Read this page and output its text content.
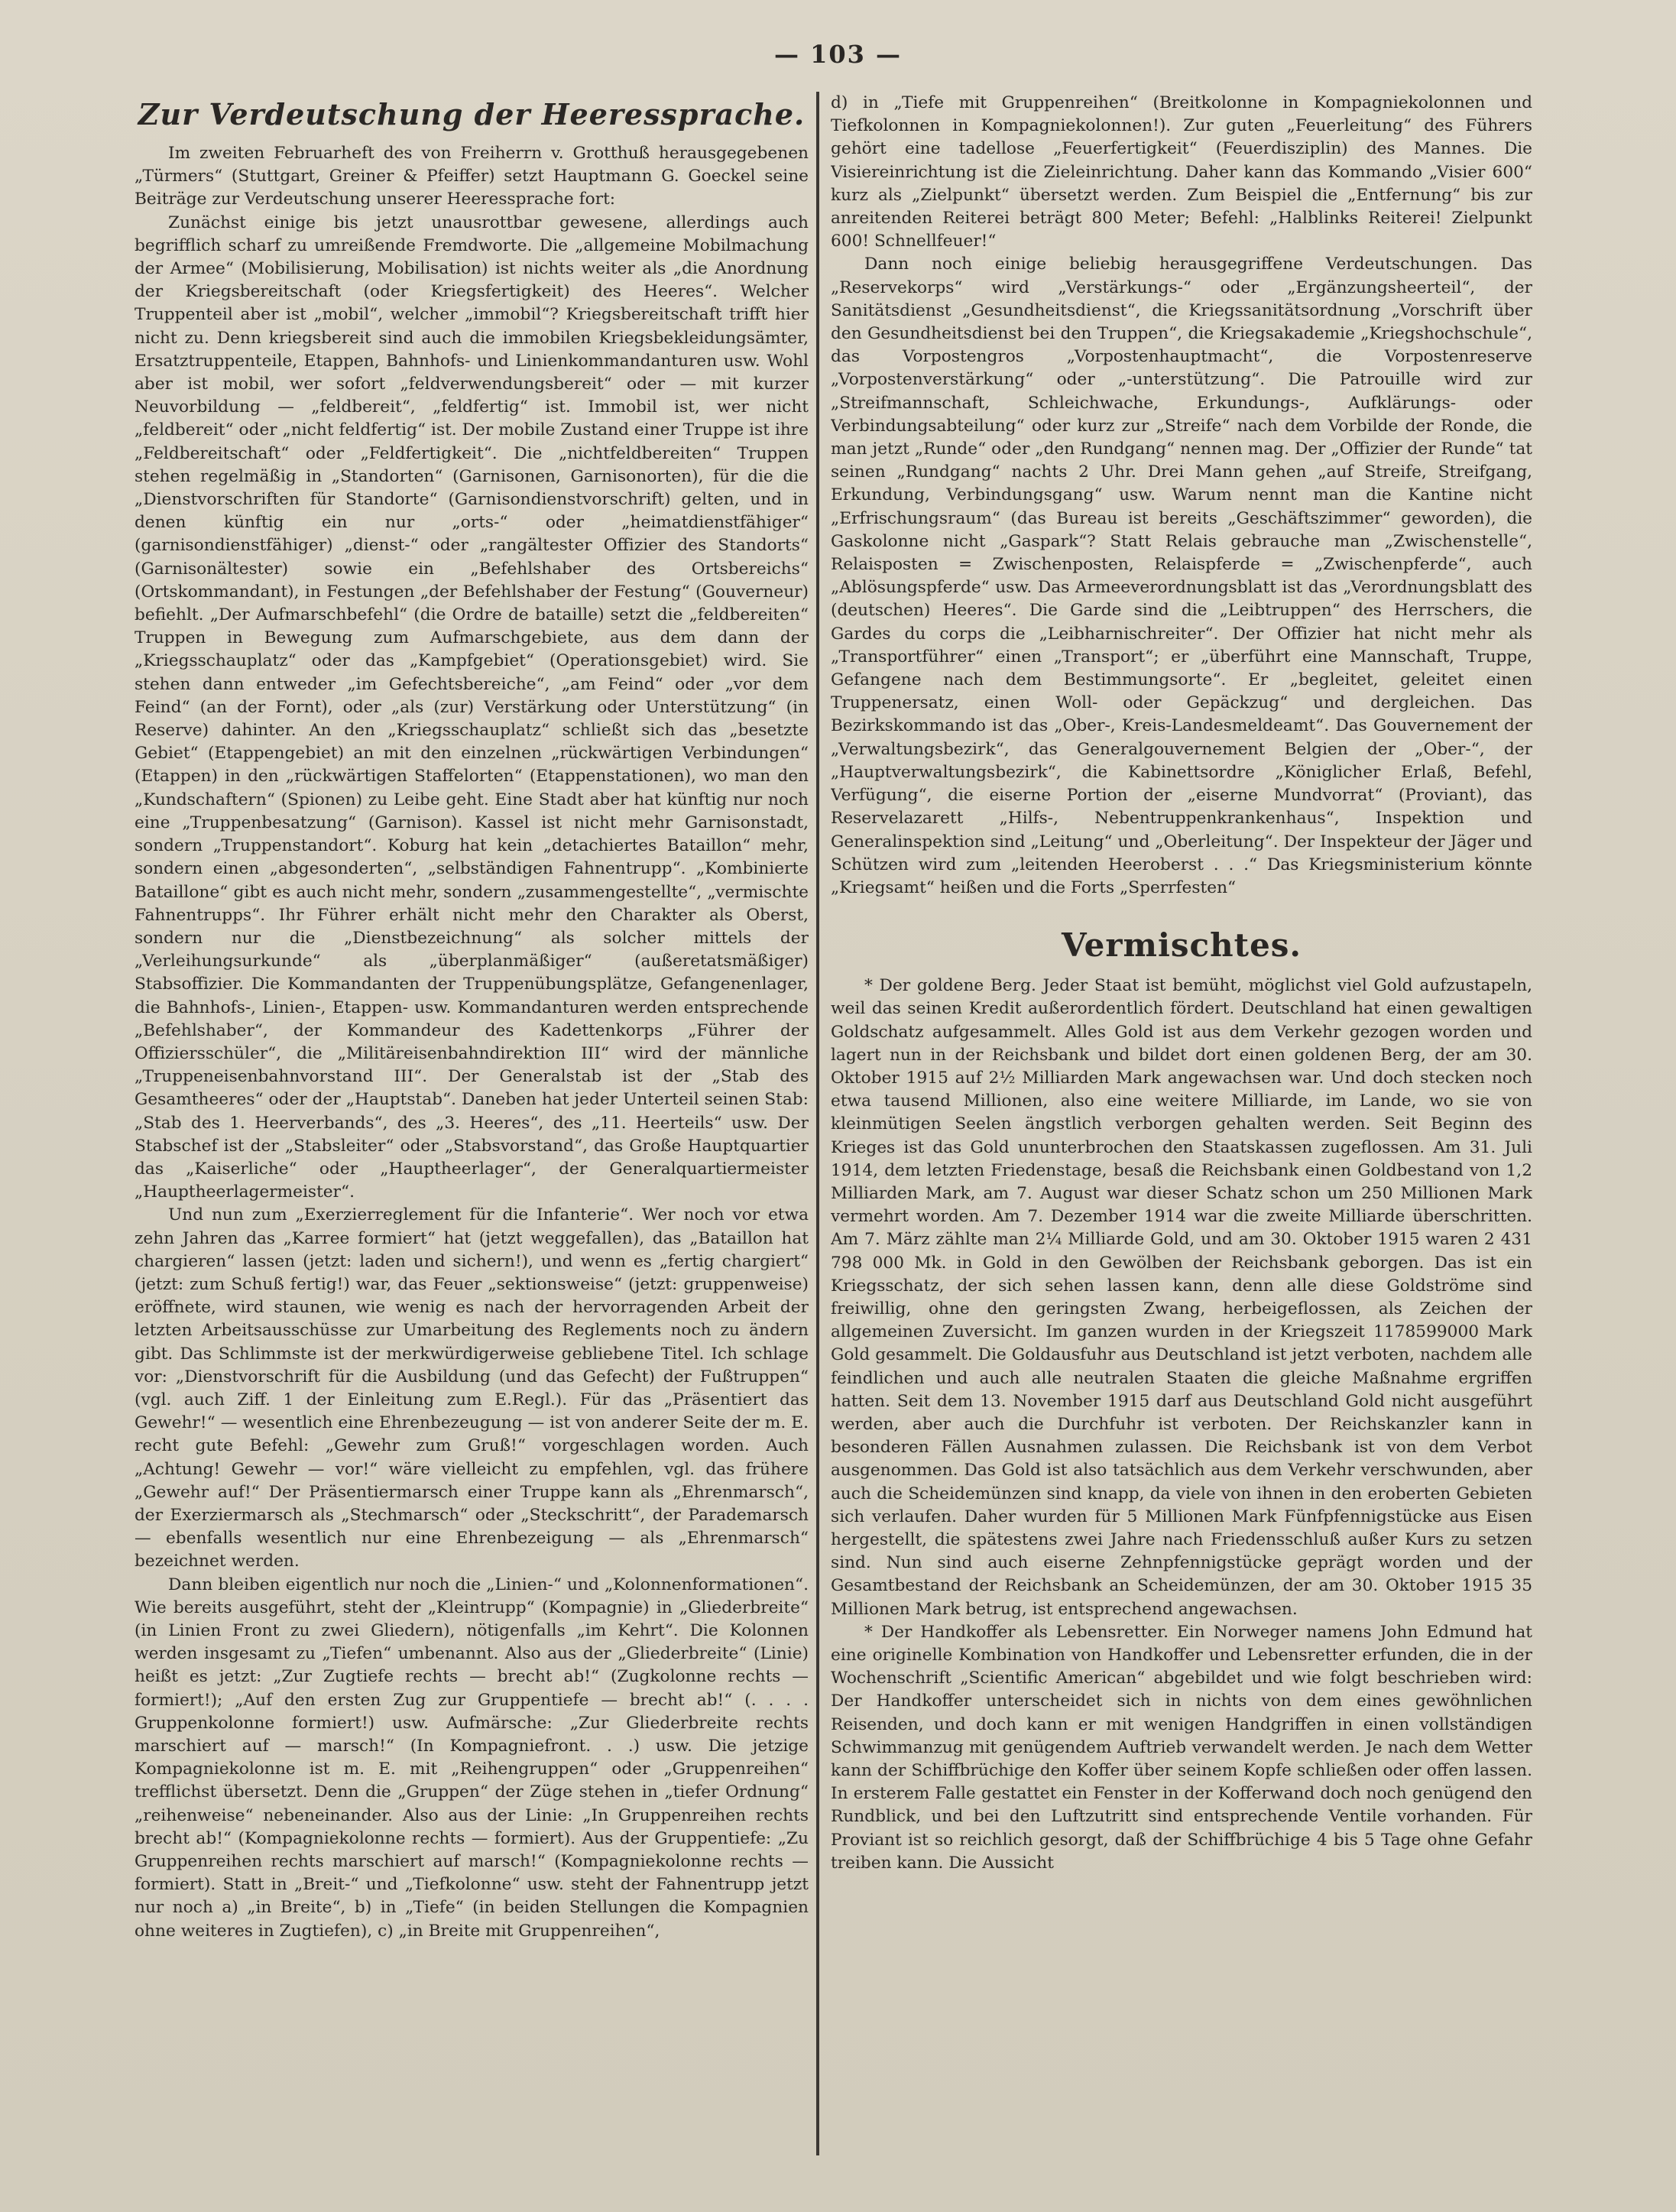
— 103 —
Zur Verdeutschung der Heeressprache.

Im zweiten Februarheft des von Freiherrn v. Grotthuß herausgegebenen „Türmers“ (Stuttgart, Greiner & Pfeiffer) setzt Hauptmann G. Goeckel seine Beiträge zur Verdeutschung unserer Heeressprache fort:

Zunächst einige bis jetzt unausrottbar gewesene, allerdings auch begrifflich scharf zu umreißende Fremdworte. Die „allgemeine Mobilmachung der Armee“ (Mobilisierung, Mobilisation) ist nichts weiter als „die Anordnung der Kriegsbereitschaft (oder Kriegsfertigkeit) des Heeres“. Welcher Truppenteil aber ist „mobil“, welcher „immobil“? Kriegsbereitschaft trifft hier nicht zu. Denn kriegsbereit sind auch die immobilen Kriegsbekleidungsämter, Ersatztruppenteile, Etappen, Bahnhofs- und Linienkommandanturen usw. Wohl aber ist mobil, wer sofort „feldverwendungsbereit“ oder — mit kurzer Neuvorbildung — „feldbereit“, „feldfertig“ ist. Immobil ist, wer nicht „feldbereit“ oder „nicht feldfertig“ ist. Der mobile Zustand einer Truppe ist ihre „Feldbereitschaft“ oder „Feldfertigkeit“. Die „nichtfeldbereiten“ Truppen stehen regelmäßig in „Standorten“ (Garnisonen, Garnisonorten), für die die „Dienstvorschriften für Standorte“ (Garnisondienstvorschrift) gelten, und in denen künftig ein nur „orts-“ oder „heimatdienstfähiger“ (garnisondienstfähiger) „dienst-“ oder „rangältester Offizier des Standorts“ (Garnisonältester) sowie ein „Befehlshaber des Ortsbereichs“ (Ortskommandant), in Festungen „der Befehlshaber der Festung“ (Gouverneur) befiehlt. „Der Aufmarschbefehl“ (die Ordre de bataille) setzt die „feldbereiten“ Truppen in Bewegung zum Aufmarschgebiete, aus dem dann der „Kriegsschauplatz“ oder das „Kampfgebiet“ (Operationsgebiet) wird. Sie stehen dann entweder „im Gefechtsbereiche“, „am Feind“ oder „vor dem Feind“ (an der Fornt), oder „als (zur) Verstärkung oder Unterstützung“ (in Reserve) dahinter. An den „Kriegsschauplatz“ schließt sich das „besetzte Gebiet“ (Etappengebiet) an mit den einzelnen „rückwärtigen Verbindungen“ (Etappen) in den „rückwärtigen Staffelorten“ (Etappenstationen), wo man den „Kundschaftern“ (Spionen) zu Leibe geht. Eine Stadt aber hat künftig nur noch eine „Truppenbesatzung“ (Garnison). Kassel ist nicht mehr Garnisonstadt, sondern „Truppenstandort“. Koburg hat kein „detachiertes Bataillon“ mehr, sondern einen „abgesonderten“, „selbständigen Fahnentrupp“. „Kombinierte Bataillone“ gibt es auch nicht mehr, sondern „zusammengestellte“, „vermischte Fahnentrupps“. Ihr Führer erhält nicht mehr den Charakter als Oberst, sondern nur die „Dienstbezeichnung“ als solcher mittels der „Verleihungsurkunde“ als „überplanmäßiger“ (außeretatsmäßiger) Stabsoffizier. Die Kommandanten der Truppenübungsplätze, Gefangenenlager, die Bahnhofs-, Linien-, Etappen- usw. Kommandanturen werden entsprechende „Befehlshaber“, der Kommandeur des Kadettenkorps „Führer der Offiziersschüler“, die „Militäreisenbahndirektion III“ wird der männliche „Truppeneisenbahnvorstand III“. Der Generalstab ist der „Stab des Gesamtheeres“ oder der „Hauptstab“. Daneben hat jeder Unterteil seinen Stab: „Stab des 1. Heerverbands“, des „3. Heeres“, des „11. Heerteils“ usw. Der Stabschef ist der „Stabsleiter“ oder „Stabsvorstand“, das Große Hauptquartier das „Kaiserliche“ oder „Hauptheerlager“, der Generalquartiermeister „Hauptheerlagermeister“.

Und nun zum „Exerzierreglement für die Infanterie“. Wer noch vor etwa zehn Jahren das „Karree formiert“ hat (jetzt weggefallen), das „Bataillon hat chargieren“ lassen (jetzt: laden und sichern!), und wenn es „fertig chargiert“ (jetzt: zum Schuß fertig!) war, das Feuer „sektionsweise“ (jetzt: gruppenweise) eröffnete, wird staunen, wie wenig es nach der hervorragenden Arbeit der letzten Arbeitsausschüsse zur Umarbeitung des Reglements noch zu ändern gibt. Das Schlimmste ist der merkwürdigerweise gebliebene Titel. Ich schlage vor: „Dienstvorschrift für die Ausbildung (und das Gefecht) der Fußtruppen“ (vgl. auch Ziff. 1 der Einleitung zum E.Regl.). Für das „Präsentiert das Gewehr!“ — wesentlich eine Ehrenbezeugung — ist von anderer Seite der m. E. recht gute Befehl: „Gewehr zum Gruß!“ vorgeschlagen worden. Auch „Achtung! Gewehr — vor!“ wäre vielleicht zu empfehlen, vgl. das frühere „Gewehr auf!“ Der Präsentiermarsch einer Truppe kann als „Ehrenmarsch“, der Exerziermarsch als „Stechmarsch“ oder „Steckschritt“, der Parademarsch — ebenfalls wesentlich nur eine Ehrenbezeigung — als „Ehrenmarsch“ bezeichnet werden.

Dann bleiben eigentlich nur noch die „Linien-“ und „Kolonnenformationen“. Wie bereits ausgeführt, steht der „Kleintrupp“ (Kompagnie) in „Gliederbreite“ (in Linien Front zu zwei Gliedern), nötigenfalls „im Kehrt“. Die Kolonnen werden insgesamt zu „Tiefen“ umbenannt. Also aus der „Gliederbreite“ (Linie) heißt es jetzt: „Zur Zugtiefe rechts — brecht ab!“ (Zugkolonne rechts — formiert!); „Auf den ersten Zug zur Gruppentiefe — brecht ab!“ (. . . . Gruppenkolonne formiert!) usw. Aufmärsche: „Zur Gliederbreite rechts marschiert auf — marsch!“ (In Kompagniefront. . .) usw. Die jetzige Kompagniekolonne ist m. E. mit „Reihengruppen“ oder „Gruppenreihen“ trefflichst übersetzt. Denn die „Gruppen“ der Züge stehen in „tiefer Ordnung“ „reihenweise“ nebeneinander. Also aus der Linie: „In Gruppenreihen rechts brecht ab!“ (Kompagniekolonne rechts — formiert). Aus der Gruppentiefe: „Zu Gruppenreihen rechts marschiert auf marsch!“ (Kompagniekolonne rechts — formiert). Statt in „Breit-“ und „Tiefkolonne“ usw. steht der Fahnentrupp jetzt nur noch a) „in Breite“, b) in „Tiefe“ (in beiden Stellungen die Kompagnien ohne weiteres in Zugtiefen), c) „in Breite mit Gruppenreihen“,

d) in „Tiefe mit Gruppenreihen“ (Breitkolonne in Kompagniekolonnen und Tiefkolonnen in Kompagniekolonnen!). Zur guten „Feuerleitung“ des Führers gehört eine tadellose „Feuerfertigkeit“ (Feuerdisziplin) des Mannes. Die Visiereinrichtung ist die Zieleinrichtung. Daher kann das Kommando „Visier 600“ kurz als „Zielpunkt“ übersetzt werden. Zum Beispiel die „Entfernung“ bis zur anreitenden Reiterei beträgt 800 Meter; Befehl: „Halblinks Reiterei! Zielpunkt 600! Schnellfeuer!“

Dann noch einige beliebig herausgegriffene Verdeutschungen. Das „Reservekorps“ wird „Verstärkungs-“ oder „Ergänzungsheerteil“, der Sanitätsdienst „Gesundheitsdienst“, die Kriegssanitätsordnung „Vorschrift über den Gesundheitsdienst bei den Truppen“, die Kriegsakademie „Kriegshochschule“, das Vorpostengros „Vorpostenhauptmacht“, die Vorpostenreserve „Vorpostenverstärkung“ oder „-unterstützung“. Die Patrouille wird zur „Streifmannschaft, Schleichwache, Erkundungs-, Aufklärungs- oder Verbindungsabteilung“ oder kurz zur „Streife“ nach dem Vorbilde der Ronde, die man jetzt „Runde“ oder „den Rundgang“ nennen mag. Der „Offizier der Runde“ tat seinen „Rundgang“ nachts 2 Uhr. Drei Mann gehen „auf Streife, Streifgang, Erkundung, Verbindungsgang“ usw. Warum nennt man die Kantine nicht „Erfrischungsraum“ (das Bureau ist bereits „Geschäftszimmer“ geworden), die Gaskolonne nicht „Gaspark“? Statt Relais gebrauche man „Zwischenstelle“, Relaisposten = Zwischenposten, Relaispferde = „Zwischenpferde“, auch „Ablösungspferde“ usw. Das Armeeverordnungsblatt ist das „Verordnungsblatt des (deutschen) Heeres“. Die Garde sind die „Leibtruppen“ des Herrschers, die Gardes du corps die „Leibharnischreiter“. Der Offizier hat nicht mehr als „Transportführer“ einen „Transport“; er „überführt eine Mannschaft, Truppe, Gefangene nach dem Bestimmungsorte“. Er „begleitet, geleitet einen Truppenersatz, einen Woll- oder Gepäckzug“ und dergleichen. Das Bezirkskommando ist das „Ober-, Kreis-Landesmeldeamt“. Das Gouvernement der „Verwaltungsbezirk“, das Generalgouvernement Belgien der „Ober-“, der „Hauptverwaltungsbezirk“, die Kabinettsordre „Königlicher Erlaß, Befehl, Verfügung“, die eiserne Portion der „eiserne Mundvorrat“ (Proviant), das Reservelazarett „Hilfs-, Nebentruppenkrankenhaus“, Inspektion und Generalinspektion sind „Leitung“ und „Oberleitung“. Der Inspekteur der Jäger und Schützen wird zum „leitenden Heeroberst . . .“ Das Kriegsministerium könnte „Kriegsamt“ heißen und die Forts „Sperrfesten“

Vermischtes.

* Der goldene Berg. Jeder Staat ist bemüht, möglichst viel Gold aufzustapeln, weil das seinen Kredit außerordentlich fördert. Deutschland hat einen gewaltigen Goldschatz aufgesammelt. Alles Gold ist aus dem Verkehr gezogen worden und lagert nun in der Reichsbank und bildet dort einen goldenen Berg, der am 30. Oktober 1915 auf 2½ Milliarden Mark angewachsen war. Und doch stecken noch etwa tausend Millionen, also eine weitere Milliarde, im Lande, wo sie von kleinmütigen Seelen ängstlich verborgen gehalten werden. Seit Beginn des Krieges ist das Gold ununterbrochen den Staatskassen zugeflossen. Am 31. Juli 1914, dem letzten Friedenstage, besaß die Reichsbank einen Goldbestand von 1,2 Milliarden Mark, am 7. August war dieser Schatz schon um 250 Millionen Mark vermehrt worden. Am 7. Dezember 1914 war die zweite Milliarde überschritten. Am 7. März zählte man 2¼ Milliarde Gold, und am 30. Oktober 1915 waren 2 431 798 000 Mk. in Gold in den Gewölben der Reichsbank geborgen. Das ist ein Kriegsschatz, der sich sehen lassen kann, denn alle diese Goldströme sind freiwillig, ohne den geringsten Zwang, herbeigeflossen, als Zeichen der allgemeinen Zuversicht. Im ganzen wurden in der Kriegszeit 1178599000 Mark Gold gesammelt. Die Goldausfuhr aus Deutschland ist jetzt verboten, nachdem alle feindlichen und auch alle neutralen Staaten die gleiche Maßnahme ergriffen hatten. Seit dem 13. November 1915 darf aus Deutschland Gold nicht ausgeführt werden, aber auch die Durchfuhr ist verboten. Der Reichskanzler kann in besonderen Fällen Ausnahmen zulassen. Die Reichsbank ist von dem Verbot ausgenommen. Das Gold ist also tatsächlich aus dem Verkehr verschwunden, aber auch die Scheidemünzen sind knapp, da viele von ihnen in den eroberten Gebieten sich verlaufen. Daher wurden für 5 Millionen Mark Fünfpfennigstücke aus Eisen hergestellt, die spätestens zwei Jahre nach Friedensschluß außer Kurs zu setzen sind. Nun sind auch eiserne Zehnpfennigstücke geprägt worden und der Gesamtbestand der Reichsbank an Scheidemünzen, der am 30. Oktober 1915 35 Millionen Mark betrug, ist entsprechend angewachsen.

* Der Handkoffer als Lebensretter. Ein Norweger namens John Edmund hat eine originelle Kombination von Handkoffer und Lebensretter erfunden, die in der Wochenschrift „Scientific American“ abgebildet und wie folgt beschrieben wird: Der Handkoffer unterscheidet sich in nichts von dem eines gewöhnlichen Reisenden, und doch kann er mit wenigen Handgriffen in einen vollständigen Schwimmanzug mit genügendem Auftrieb verwandelt werden. Je nach dem Wetter kann der Schiffbrüchige den Koffer über seinem Kopfe schließen oder offen lassen. In ersterem Falle gestattet ein Fenster in der Kofferwand doch noch genügend den Rundblick, und bei den Luftzutritt sind entsprechende Ventile vorhanden. Für Proviant ist so reichlich gesorgt, daß der Schiffbrüchige 4 bis 5 Tage ohne Gefahr treiben kann. Die Aussicht
